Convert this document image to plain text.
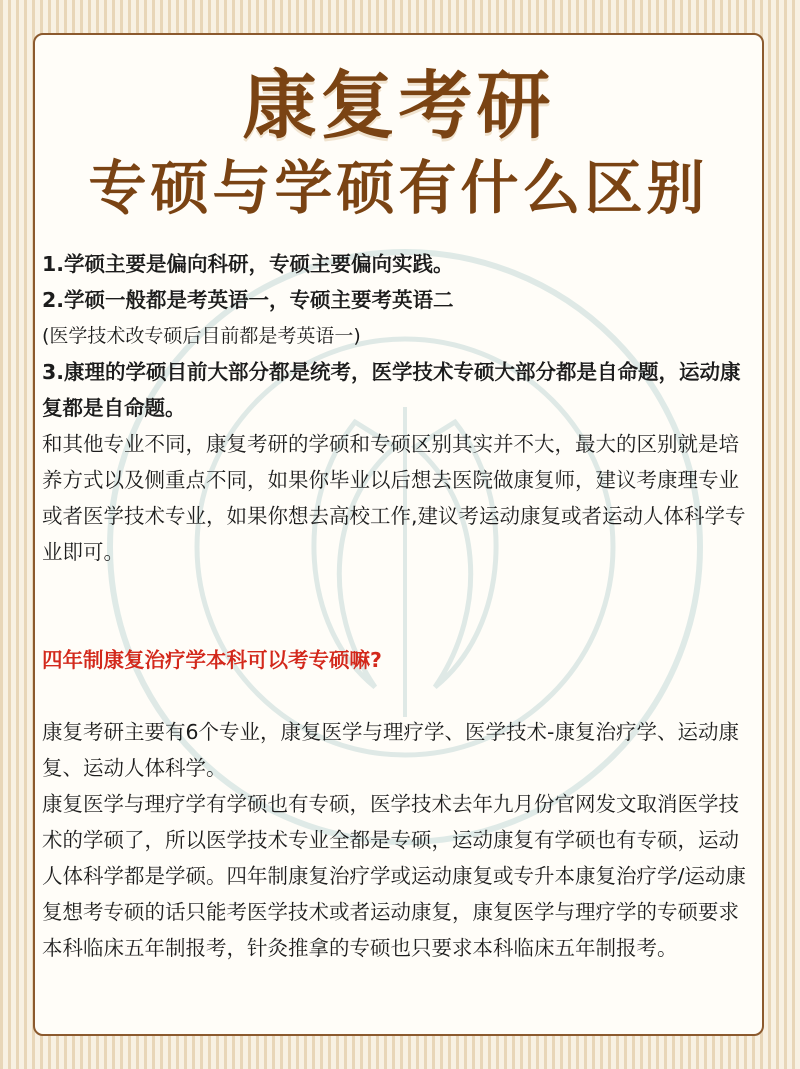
康复考研
专硕与学硕有什么区别

1.学硕主要是偏向科研，专硕主要偏向实践。

2.学硕一般都是考英语一，专硕主要考英语二

(医学技术改专硕后目前都是考英语一)

3.康理的学硕目前大部分都是统考，医学技术专硕大部分都是自命题，运动康复都是自命题。

和其他专业不同，康复考研的学硕和专硕区别其实并不大，最大的区别就是培养方式以及侧重点不同，如果你毕业以后想去医院做康复师，建议考康理专业或者医学技术专业，如果你想去高校工作,建议考运动康复或者运动人体科学专业即可。

四年制康复治疗学本科可以考专硕嘛?

康复考研主要有6个专业，康复医学与理疗学、医学技术-康复治疗学、运动康复、运动人体科学。

康复医学与理疗学有学硕也有专硕，医学技术去年九月份官网发文取消医学技术的学硕了，所以医学技术专业全都是专硕，运动康复有学硕也有专硕，运动人体科学都是学硕。四年制康复治疗学或运动康复或专升本康复治疗学/运动康复想考专硕的话只能考医学技术或者运动康复，康复医学与理疗学的专硕要求本科临床五年制报考，针灸推拿的专硕也只要求本科临床五年制报考。
